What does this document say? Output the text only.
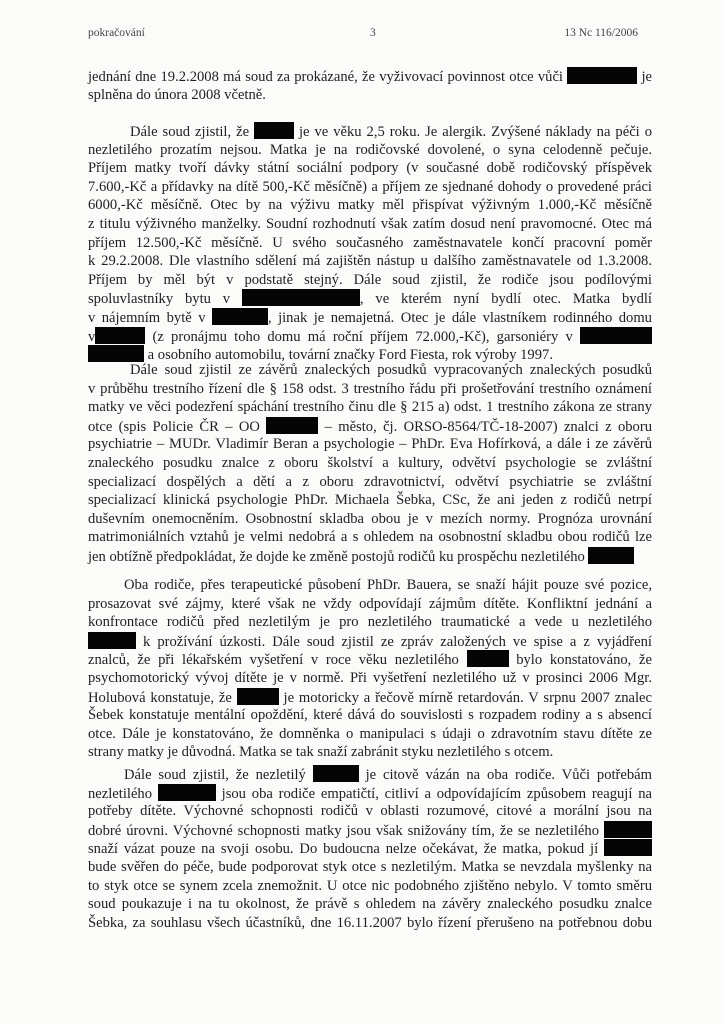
pokračování	3	13 Nc 116/2006
jednání dne 19.2.2008 má soud za prokázané, že vyživovací povinnost otce vůči	je
splněna do února 2008 včetně.
Dále soud zjistil, že	je ve věku 2,5 roku. Je alergik. Zvýšené náklady na péči o
nezletilého prozatím nejsou. Matka je na rodičovské dovolené, o syna celodenně pečuje.
Příjem matky tvoří dávky státní sociální podpory (v současné době rodičovský příspěvek
7.600,-Kč a přídavky na dítě 500,-Kč měsíčně) a příjem ze sjednané dohody o provedené práci
6000,-Kč měsíčně. Otec by na výživu matky měl přispívat výživným 1.000,-Kč měsíčně
z titulu výživného manželky. Soudní rozhodnutí však zatím dosud není pravomocné. Otec má
příjem 12.500,-Kč měsíčně. U svého současného zaměstnavatele končí pracovní poměr
k 29.2.2008. Dle vlastního sdělení má zajištěn nástup u dalšího zaměstnavatele od 1.3.2008.
Příjem by měl být v podstatě stejný. Dále soud zjistil, že rodiče jsou podílovými
spoluvlastníky bytu v	, ve kterém nyní bydlí otec. Matka bydlí
v nájemním bytě v	, jinak je nemajetná. Otec je dále vlastníkem rodinného domu
v	(z pronájmu toho domu má roční příjem 72.000,-Kč), garsoniéry v
a osobního automobilu, tovární značky Ford Fiesta, rok výroby 1997.
Dále soud zjistil ze závěrů znaleckých posudků vypracovaných znaleckých posudků
v průběhu trestního řízení dle § 158 odst. 3 trestního řádu při prošetřování trestního oznámení
matky ve věci podezření spáchání trestního činu dle § 215 a) odst. 1 trestního zákona ze strany
otce (spis Policie ČR – OO	– město, čj. ORSO-8564/TČ-18-2007) znalci z oboru
psychiatrie – MUDr. Vladimír Beran a psychologie – PhDr. Eva Hofírková, a dále i ze závěrů
znaleckého posudku znalce z oboru školství a kultury, odvětví psychologie se zvláštní
specializací dospělých a dětí a z oboru zdravotnictví, odvětví psychiatrie se zvláštní
specializací klinická psychologie PhDr. Michaela Šebka, CSc, že ani jeden z rodičů netrpí
duševním onemocněním. Osobnostní skladba obou je v mezích normy. Prognóza urovnání
matrimoniálních vztahů je velmi nedobrá a s ohledem na osobnostní skladbu obou rodičů lze
jen obtížně předpokládat, že dojde ke změně postojů rodičů ku prospěchu nezletilého
Oba rodiče, přes terapeutické působení PhDr. Bauera, se snaží hájit pouze své pozice,
prosazovat své zájmy, které však ne vždy odpovídají zájmům dítěte. Konfliktní jednání a
konfrontace rodičů před nezletilým je pro nezletilého traumatické a vede u nezletilého
k prožívání úzkosti. Dále soud zjistil ze zpráv založených ve spise a z vyjádření
znalců, že při lékařském vyšetření v roce věku nezletilého	bylo konstatováno, že
psychomotorický vývoj dítěte je v normě. Při vyšetření nezletilého už v prosinci 2006 Mgr.
Holubová konstatuje, že	je motoricky a řečově mírně retardován. V srpnu 2007 znalec
Šebek konstatuje mentální opoždění, které dává do souvislosti s rozpadem rodiny a s absencí
otce. Dále je konstatováno, že domněnka o manipulaci s údaji o zdravotním stavu dítěte ze
strany matky je důvodná. Matka se tak snaží zabránit styku nezletilého s otcem.
Dále soud zjistil, že nezletilý	je citově vázán na oba rodiče. Vůči potřebám
nezletilého	jsou oba rodiče empatičtí, citliví a odpovídajícím způsobem reagují na
potřeby dítěte. Výchovné schopnosti rodičů v oblasti rozumové, citové a morální jsou na
dobré úrovni. Výchovné schopnosti matky jsou však snižovány tím, že se nezletilého
snaží vázat pouze na svoji osobu. Do budoucna nelze očekávat, že matka, pokud jí
bude svěřen do péče, bude podporovat styk otce s nezletilým. Matka se nevzdala myšlenky na
to styk otce se synem zcela znemožnit. U otce nic podobného zjištěno nebylo. V tomto směru
soud poukazuje i na tu okolnost, že právě s ohledem na závěry znaleckého posudku znalce
Šebka, za souhlasu všech účastníků, dne 16.11.2007 bylo řízení přerušeno na potřebnou dobu
